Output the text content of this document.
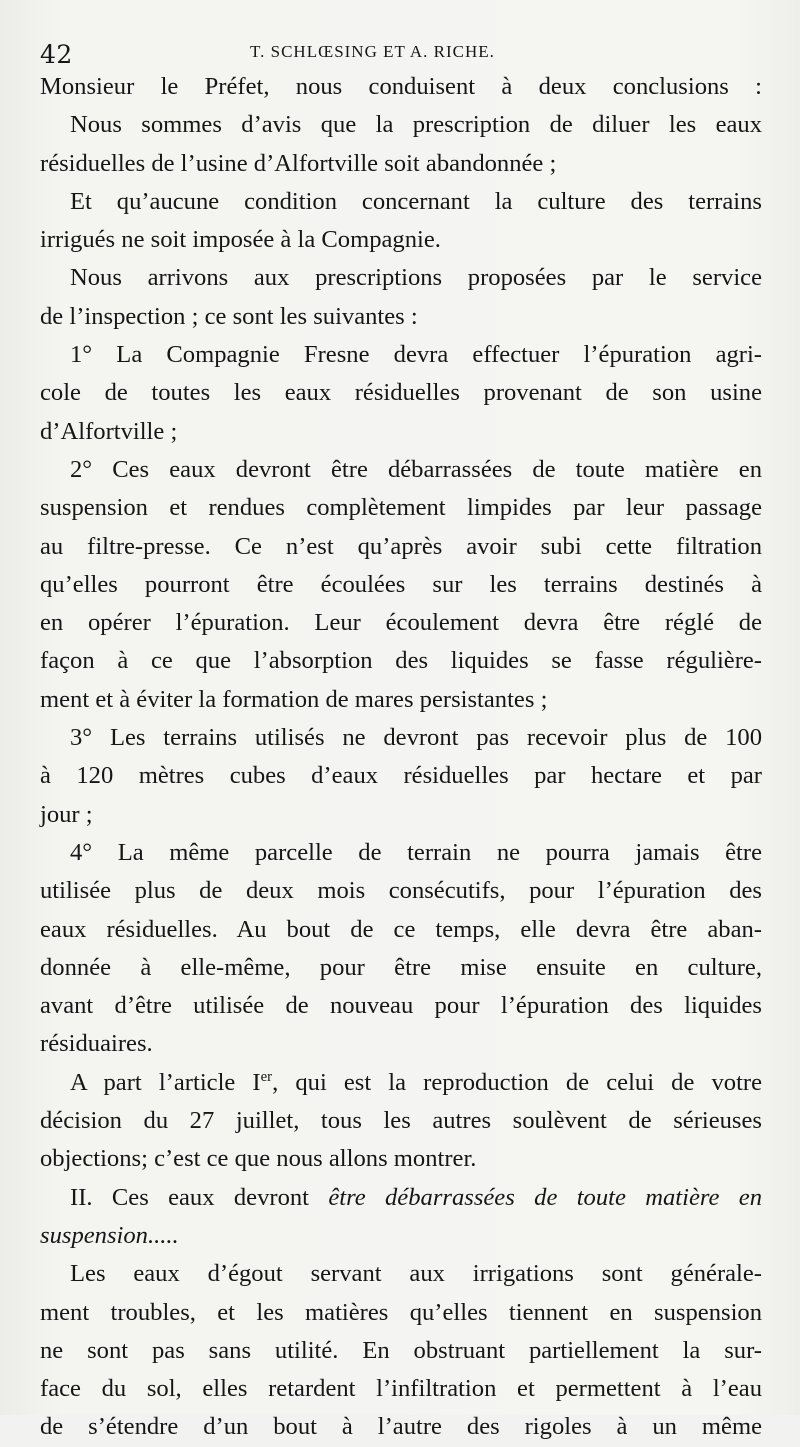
42	T. SCHLŒSING ET A. RICHE.
Monsieur le Préfet, nous conduisent à deux conclusions :
Nous sommes d’avis que la prescription de diluer les eaux
résiduelles de l’usine d’Alfortville soit abandonnée ;
Et qu’aucune condition concernant la culture des terrains
irrigués ne soit imposée à la Compagnie.
Nous arrivons aux prescriptions proposées par le service
de l’inspection ; ce sont les suivantes :
1° La Compagnie Fresne devra effectuer l’épuration agri-
cole de toutes les eaux résiduelles provenant de son usine
d’Alfortville ;
2° Ces eaux devront être débarrassées de toute matière en
suspension et rendues complètement limpides par leur passage
au filtre-presse. Ce n’est qu’après avoir subi cette filtration
qu’elles pourront être écoulées sur les terrains destinés à
en opérer l’épuration. Leur écoulement devra être réglé de
façon à ce que l’absorption des liquides se fasse régulière-
ment et à éviter la formation de mares persistantes ;
3° Les terrains utilisés ne devront pas recevoir plus de 100
à 120 mètres cubes d’eaux résiduelles par hectare et par
jour ;
4° La même parcelle de terrain ne pourra jamais être
utilisée plus de deux mois consécutifs, pour l’épuration des
eaux résiduelles. Au bout de ce temps, elle devra être aban-
donnée à elle-même, pour être mise ensuite en culture,
avant d’être utilisée de nouveau pour l’épuration des liquides
résiduaires.
A part l’article Ier, qui est la reproduction de celui de votre
décision du 27 juillet, tous les autres soulèvent de sérieuses
objections; c’est ce que nous allons montrer.
II. Ces eaux devront être débarrassées de toute matière en
suspension.....
Les eaux d’égout servant aux irrigations sont générale-
ment troubles, et les matières qu’elles tiennent en suspension
ne sont pas sans utilité. En obstruant partiellement la sur-
face du sol, elles retardent l’infiltration et permettent à l’eau
de s’étendre d’un bout à l’autre des rigoles à un même
